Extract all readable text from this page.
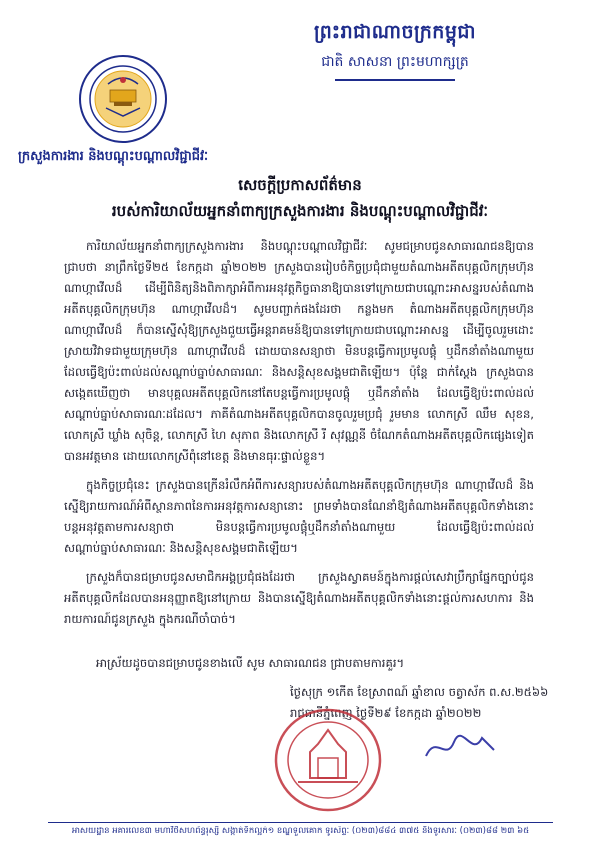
ព្រះរាជាណាចក្រកម្ពុជា
ជាតិ សាសនា ព្រះមហាក្សត្រ
ក្រសួងការងារ និងបណ្តុះបណ្តាលវិជ្ជាជីវៈ
សេចក្តីប្រកាសព័ត៌មាន
របស់ការិយាល័យអ្នកនាំពាក្យក្រសួងការងារ និងបណ្តុះបណ្តាលវិជ្ជាជីវៈ

ការិយាល័យអ្នកនាំពាក្យក្រសួងការងារ និងបណ្តុះបណ្តាលវិជ្ជាជីវៈ សូមជម្រាបជូនសាធារណជនឱ្យបានជ្រាបថា នាព្រឹកថ្ងៃទី២៥ ខែកក្កដា ឆ្នាំ២០២២ ក្រសួងបានរៀបចំកិច្ចប្រជុំជាមួយតំណាងអតីតបុគ្គលិកក្រុមហ៊ុន ណាហ្កាវើលដ៏ ដើម្បីពិនិត្យនិងពិភាក្សាអំពីការអនុវត្តកិច្ចធានាឱ្យបានទៅក្រោយជាបណ្តោះអាសន្នរបស់តំណាងអតីតបុគ្គលិកក្រុមហ៊ុន ណាហ្កាវើលដ៏។ សូមបញ្ជាក់ផងដែរថា កន្លងមក តំណាងអតីតបុគ្គលិកក្រុមហ៊ុន ណាហ្កាវើលដ៏ ក៏បានស្នើសុំឱ្យក្រសួងជួយធ្វើអន្តរាគមន៍ឱ្យបានទៅក្រោយជាបណ្តោះអាសន្ន ដើម្បីចូលរួមដោះស្រាយវិវាទជាមួយក្រុមហ៊ុន ណាហ្កាវើលដ៏ ដោយបានសន្យាថា មិនបន្តធ្វើការប្រមូលផ្តុំ ឬដឹកនាំតាំងណាមួយ ដែលធ្វើឱ្យប៉ះពាល់ដល់សណ្តាប់ធ្នាប់សាធារណៈ និងសន្តិសុខសង្គមជាតិឡើយ។ ប៉ុន្តែ ជាក់ស្តែង ក្រសួងបានសង្កេតឃើញថា មានបុគ្គលអតីតបុគ្គលិកនៅតែបន្តធ្វើការប្រមូលផ្តុំ ឬដឹកនាំតាំង ដែលធ្វើឱ្យប៉ះពាល់ដល់សណ្តាប់ធ្នាប់សាធារណៈដដែល។ ភាគីតំណាងអតីតបុគ្គលិកបានចូលរួមប្រជុំ រួមមាន លោកស្រី ឈឹម សុខន, លោកស្រី ឃ្លាំង សុចិន្ត, លោកស្រី ហៃ សុភាព និងលោកស្រី រី សុវណ្ណនី ចំណែកតំណាងអតីតបុគ្គលិកផ្សេងទៀតបានអវត្តមាន ដោយលោកស្រីពុំនៅខេត្ត និងមានធុរៈផ្ទាល់ខ្លួន។

ក្នុងកិច្ចប្រជុំនេះ ក្រសួងបានក្រើនរំលឹកអំពីការសន្យារបស់តំណាងអតីតបុគ្គលិកក្រុមហ៊ុន ណាហ្កាវើលដ៏ និងស្នើឱ្យរាយការណ៍អំពីស្ថានភាពនៃការអនុវត្តការសន្យានោះ ព្រមទាំងបានណែនាំឱ្យតំណាងអតីតបុគ្គលិកទាំងនោះបន្តអនុវត្តតាមការសន្យាថា មិនបន្តធ្វើការប្រមូលផ្តុំឬដឹកនាំតាំងណាមួយ ដែលធ្វើឱ្យប៉ះពាល់ដល់សណ្តាប់ធ្នាប់សាធារណៈ និងសន្តិសុខសង្គមជាតិឡើយ។

ក្រសួងក៏បានជម្រាបជូនសមាជិកអង្គប្រជុំផងដែរថា ក្រសួងស្វាគមន៍ក្នុងការផ្តល់សេវាប្រឹក្សាផ្នែកច្បាប់ជូនអតីតបុគ្គលិកដែលបានអនុញ្ញាតឱ្យនៅក្រោយ និងបានស្នើឱ្យតំណាងអតីតបុគ្គលិកទាំងនោះផ្តល់ការសហការ និងរាយការណ៍ជូនក្រសួង ក្នុងករណីចាំបាច់។

អាស្រ័យដូចបានជម្រាបជូនខាងលើ សូម សាធារណជន ជ្រាបតាមការគួរ។
ថ្ងៃសុក្រ ១កើត ខែស្រាពណ៍ ឆ្នាំខាល ចត្វាស័ក ព.ស.២៥៦៦
រាជធានីភ្នំពេញ ថ្ងៃទី២៩ ខែកក្កដា ឆ្នាំ២០២២
អាសយដ្ឋាន អគារលេខ៣ មហាវិថីសហព័ន្ធរុស្សី សង្កាត់ទឹកល្អក់១ ខណ្ឌទួលគោក ទូរស័ព្ទៈ (០២៣)៨៨៤ ៣៧៥ និងទូរសារៈ (០២៣)៨៨ ២៣ ៦៥
